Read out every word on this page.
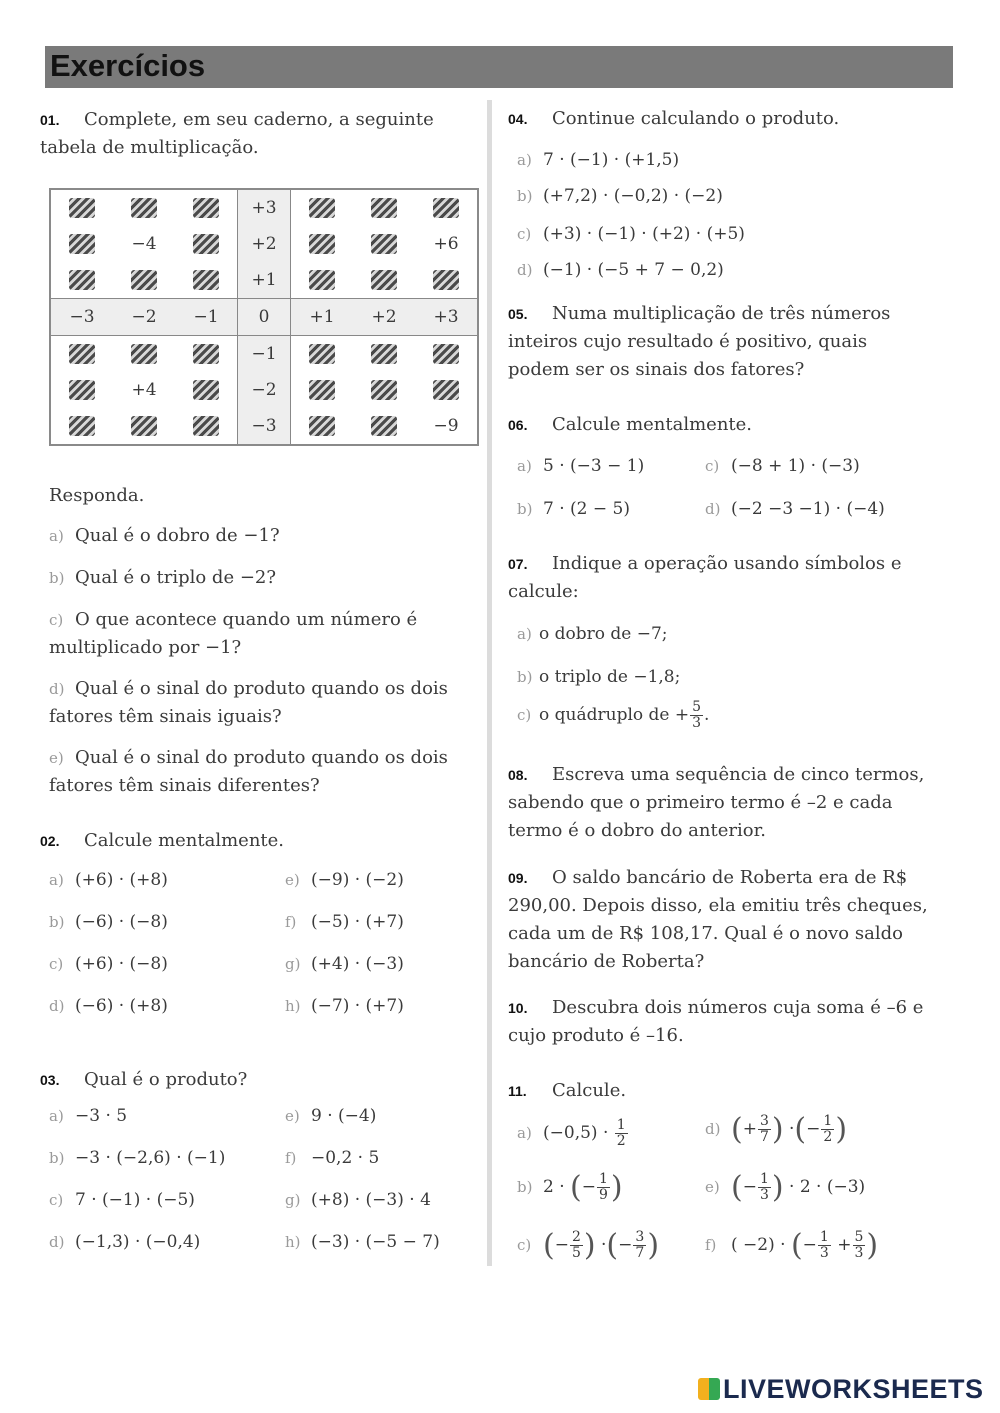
Exercícios
01. Complete, em seu caderno, a seguinte tabela de multiplicação.
			+3			
	−4		+2			+6
			+1			
−3	−2	−1	0	+1	+2	+3
			−1			
	+4		−2			
			−3			−9
Responda.
02. Calcule mentalmente.
03. Qual é o produto?
04. Continue calculando o produto.
05. Numa multiplicação de três números inteiros cujo resultado é positivo, quais podem ser os sinais dos fatores?
06. Calcule mentalmente.
07. Indique a operação usando símbolos e calcule:
a) o dobro de −7;
b) o triplo de −1,8;
c) o quádruplo de + $\frac{5}{3}$ .
08. Escreva uma sequência de cinco termos, sabendo que o primeiro termo é –2 e cada termo é o dobro do anterior.
09. O saldo bancário de Roberta era de R$ 290,00. Depois disso, ela emitiu três cheques, cada um de R$ 108,17. Qual é o novo saldo bancário de Roberta?
10. Descubra dois números cuja soma é –6 e cujo produto é –16.
11. Calcule.
a) $(-0,5) \cdot \frac{1}{2}$	d) (+ $\frac{3}{7}$ ) ·(− $\frac{1}{2}$ )
b) 2 · (− $\frac{1}{9}$ )	e) (− $\frac{1}{3}$ ) · 2 · (−3)
c) (− $\frac{2}{5}$ ) ·(− $\frac{3}{7}$ )	f) ( −2) · (− $\frac{1}{3} + \frac{5}{3}$ )
LIVEWORKSHEETS
a) Qual é o dobro de −1?
b) Qual é o triplo de −2?
c) O que acontece quando um número é multiplicado por −1?
d) Qual é o sinal do produto quando os dois fatores têm sinais iguais?
e) Qual é o sinal do produto quando os dois fatores têm sinais diferentes?
a) (+6) · (+8)	e) (−9) · (−2)
b) (−6) · (−8)	f) (−5) · (+7)
c) (+6) · (−8)	g) (+4) · (−3)
d) (−6) · (+8)	h) (−7) · (+7)
a) −3 · 5	e) 9 · (−4)
b) −3 · (−2,6) · (−1)	f) −0,2 · 5
c) 7 · (−1) · (−5)	g) (+8) · (−3) · 4
d) (−1,3) · (−0,4)	h) (−3) · (−5 − 7)
a) 7 · (−1) · (+1,5)
b) (+7,2) · (−0,2) · (−2)
c) (+3) · (−1) · (+2) · (+5)
d) (−1) · (−5 + 7 − 0,2)
a) 5 · (−3 − 1)	c) (−8 + 1) · (−3)
b) 7 · (2 − 5)	d) (−2 −3 −1) · (−4)
